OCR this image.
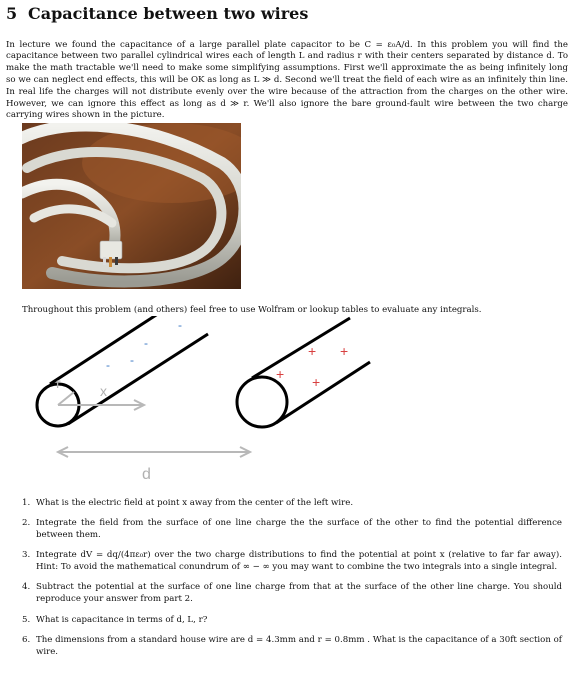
5 Capacitance between two wires

In lecture we found the capacitance of a large parallel plate capacitor to be C = ε₀A/d. In this problem you will find the capacitance between two parallel cylindrical wires each of length L and radius r with their centers separated by distance d. To make the math tractable we'll need to make some simplifying assumptions. First we'll approximate the as being infinitely long so we can neglect end effects, this will be OK as long as L ≫ d. Second we'll treat the field of each wire as an infinitely thin line. In real life the charges will not distribute evenly over the wire because of the attraction from the charges on the other wire. However, we can ignore this effect as long as d ≫ r. We'll also ignore the bare ground-fault wire between the two charge carrying wires shown in the picture.

Throughout this problem (and others) feel free to use Wolfram or lookup tables to evaluate any integrals.

r	x
d
-
-
- -
+ +
+ +
1. What is the electric field at point x away from the center of the left wire.
2. Integrate the field from the surface of one line charge the the surface of the other to find the potential difference between them.
3. Integrate dV = dq/(4πε₀r) over the two charge distributions to find the potential at point x (relative to far far away). Hint: To avoid the mathematical conundrum of ∞ − ∞ you may want to combine the two integrals into a single integral.
4. Subtract the potential at the surface of one line charge from that at the surface of the other line charge. You should reproduce your answer from part 2.
5. What is capacitance in terms of d, L, r?
6. The dimensions from a standard house wire are d = 4.3mm and r = 0.8mm . What is the capacitance of a 30ft section of wire.
